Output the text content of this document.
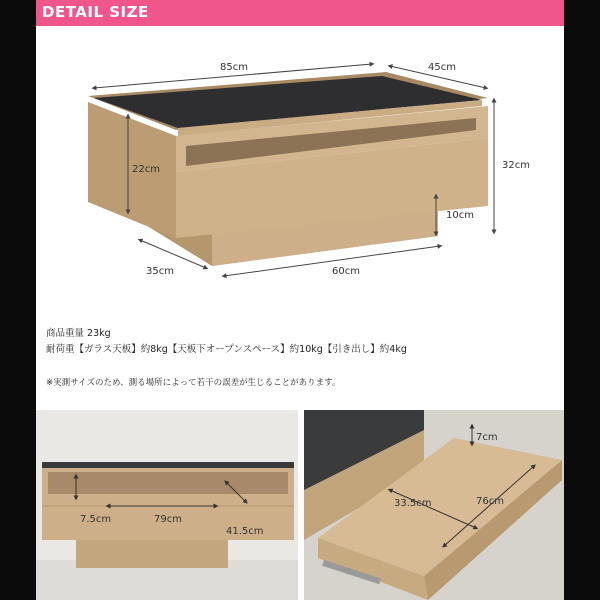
DETAIL SIZE
85cm	45cm
22cm	32cm
10cm
35cm	60cm
商品重量 23kg
耐荷重【ガラス天板】約8kg【天板下オープンスペース】約10kg【引き出し】約4kg
※実測サイズのため、測る場所によって若干の誤差が生じることがあります。
7.5cm	79cm
41.5cm
7cm
33.5cm	76cm
